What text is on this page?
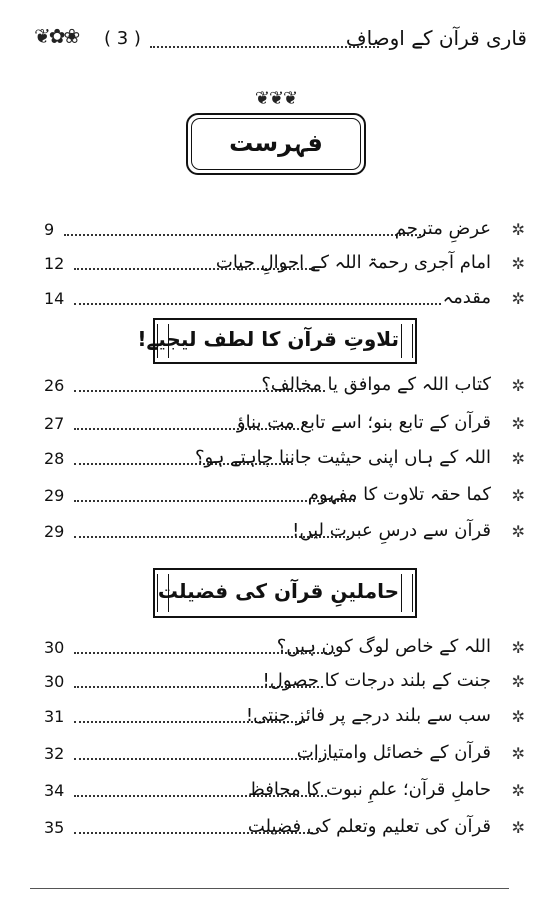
❦✿❀ ( 3 )	قاری قرآن کے اوصاف
❦❦❦
فہرست
9	عرضِ مترجم ✲
12	امام آجری رحمۃ اللہ کے احوالِ حیات ✲
14	مقدمہ ✲
تلاوتِ قرآن کا لطف لیجیے!
26	کتاب اللہ کے موافق یا مخالف؟ ✲
27	قرآن کے تابع بنو؛ اسے تابع مت بناؤ ✲
28	اللہ کے ہاں اپنی حیثیت جاننا چاہتے ہو؟ ✲
29	کما حقہ تلاوت کا مفہوم ✲
29	قرآن سے درسِ عبرت لیں! ✲
حاملینِ قرآن کی فضیلت
30	اللہ کے خاص لوگ کون ہیں؟ ✲
30	جنت کے بلند درجات کا حصول! ✲
31	سب سے بلند درجے پر فائز جنتی! ✲
32	قرآن کے خصائل وامتیازات ✲
34	حاملِ قرآن؛ علمِ نبوت کا محافظ ✲
35	قرآن کی تعلیم وتعلم کی فضیلت ✲
